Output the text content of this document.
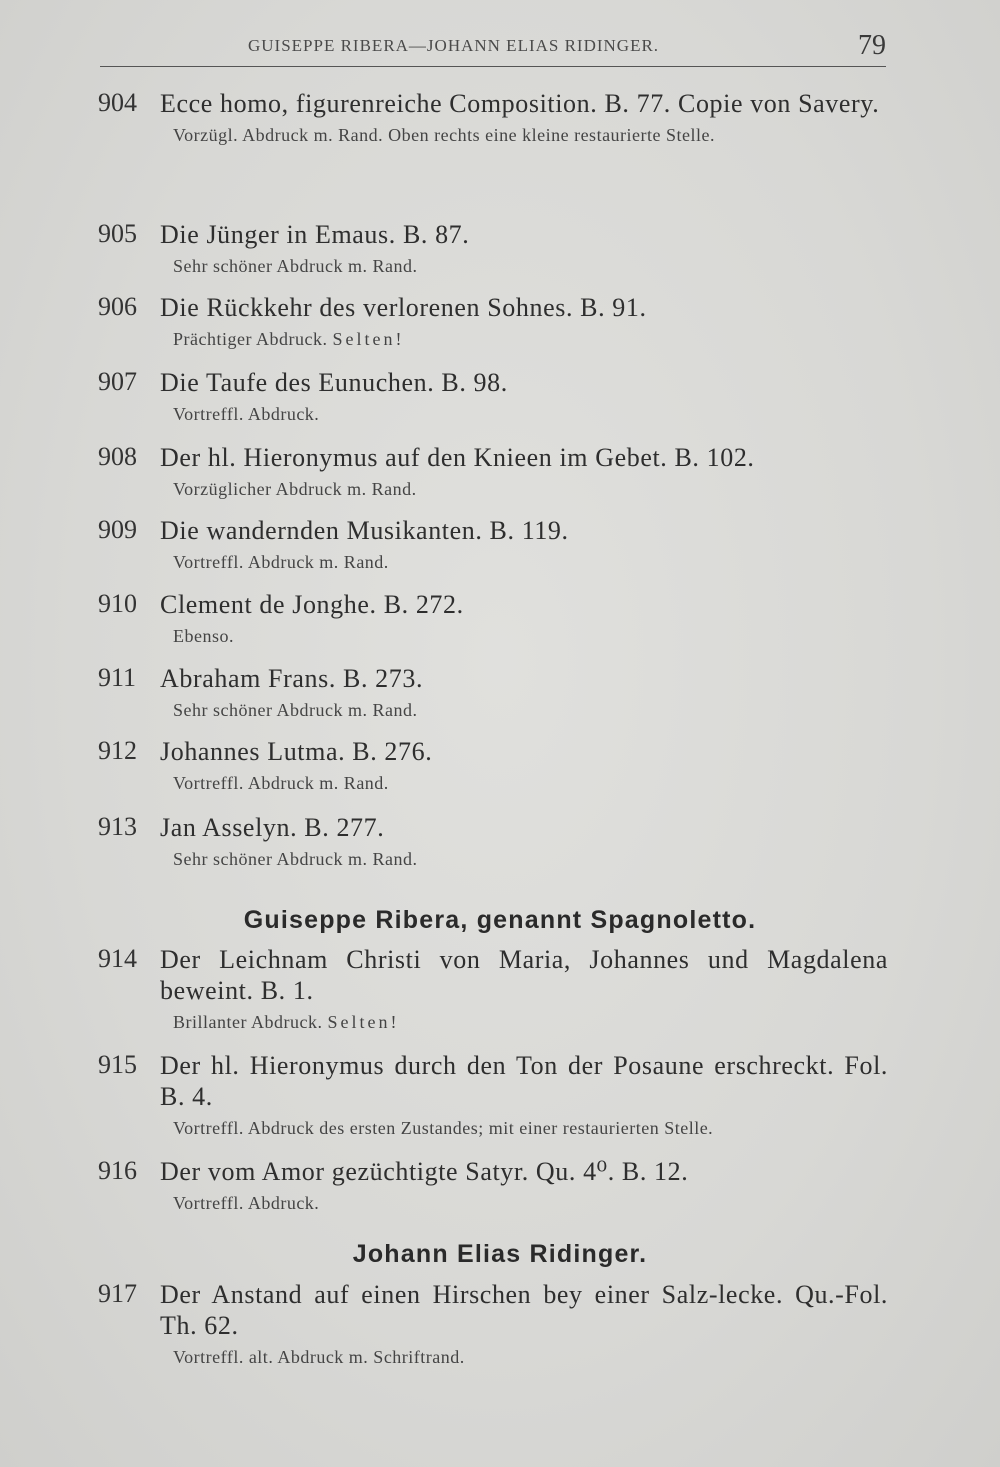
GUISEPPE RIBERA—JOHANN ELIAS RIDINGER.	79
904 Ecce homo, figurenreiche Composition. B. 77. Copie von Savery.
Vorzügl. Abdruck m. Rand. Oben rechts eine kleine restaurierte Stelle.
905 Die Jünger in Emaus. B. 87.
Sehr schöner Abdruck m. Rand.
906 Die Rückkehr des verlorenen Sohnes. B. 91.
Prächtiger Abdruck. Selten!
907 Die Taufe des Eunuchen. B. 98.
Vortreffl. Abdruck.
908 Der hl. Hieronymus auf den Knieen im Gebet. B. 102.
Vorzüglicher Abdruck m. Rand.
909 Die wandernden Musikanten. B. 119.
Vortreffl. Abdruck m. Rand.
910 Clement de Jonghe. B. 272.
Ebenso.
911 Abraham Frans. B. 273.
Sehr schöner Abdruck m. Rand.
912 Johannes Lutma. B. 276.
Vortreffl. Abdruck m. Rand.
913 Jan Asselyn. B. 277.
Sehr schöner Abdruck m. Rand.
Guiseppe Ribera, genannt Spagnoletto.
914 Der Leichnam Christi von Maria, Johannes und Magdalena beweint. B. 1.
Brillanter Abdruck. Selten!
915 Der hl. Hieronymus durch den Ton der Posaune erschreckt. Fol. B. 4.
Vortreffl. Abdruck des ersten Zustandes; mit einer restaurierten Stelle.
916 Der vom Amor gezüchtigte Satyr. Qu. 4⁰. B. 12.
Vortreffl. Abdruck.
Johann Elias Ridinger.
917 Der Anstand auf einen Hirschen bey einer Salz-lecke. Qu.-Fol. Th. 62.
Vortreffl. alt. Abdruck m. Schriftrand.
